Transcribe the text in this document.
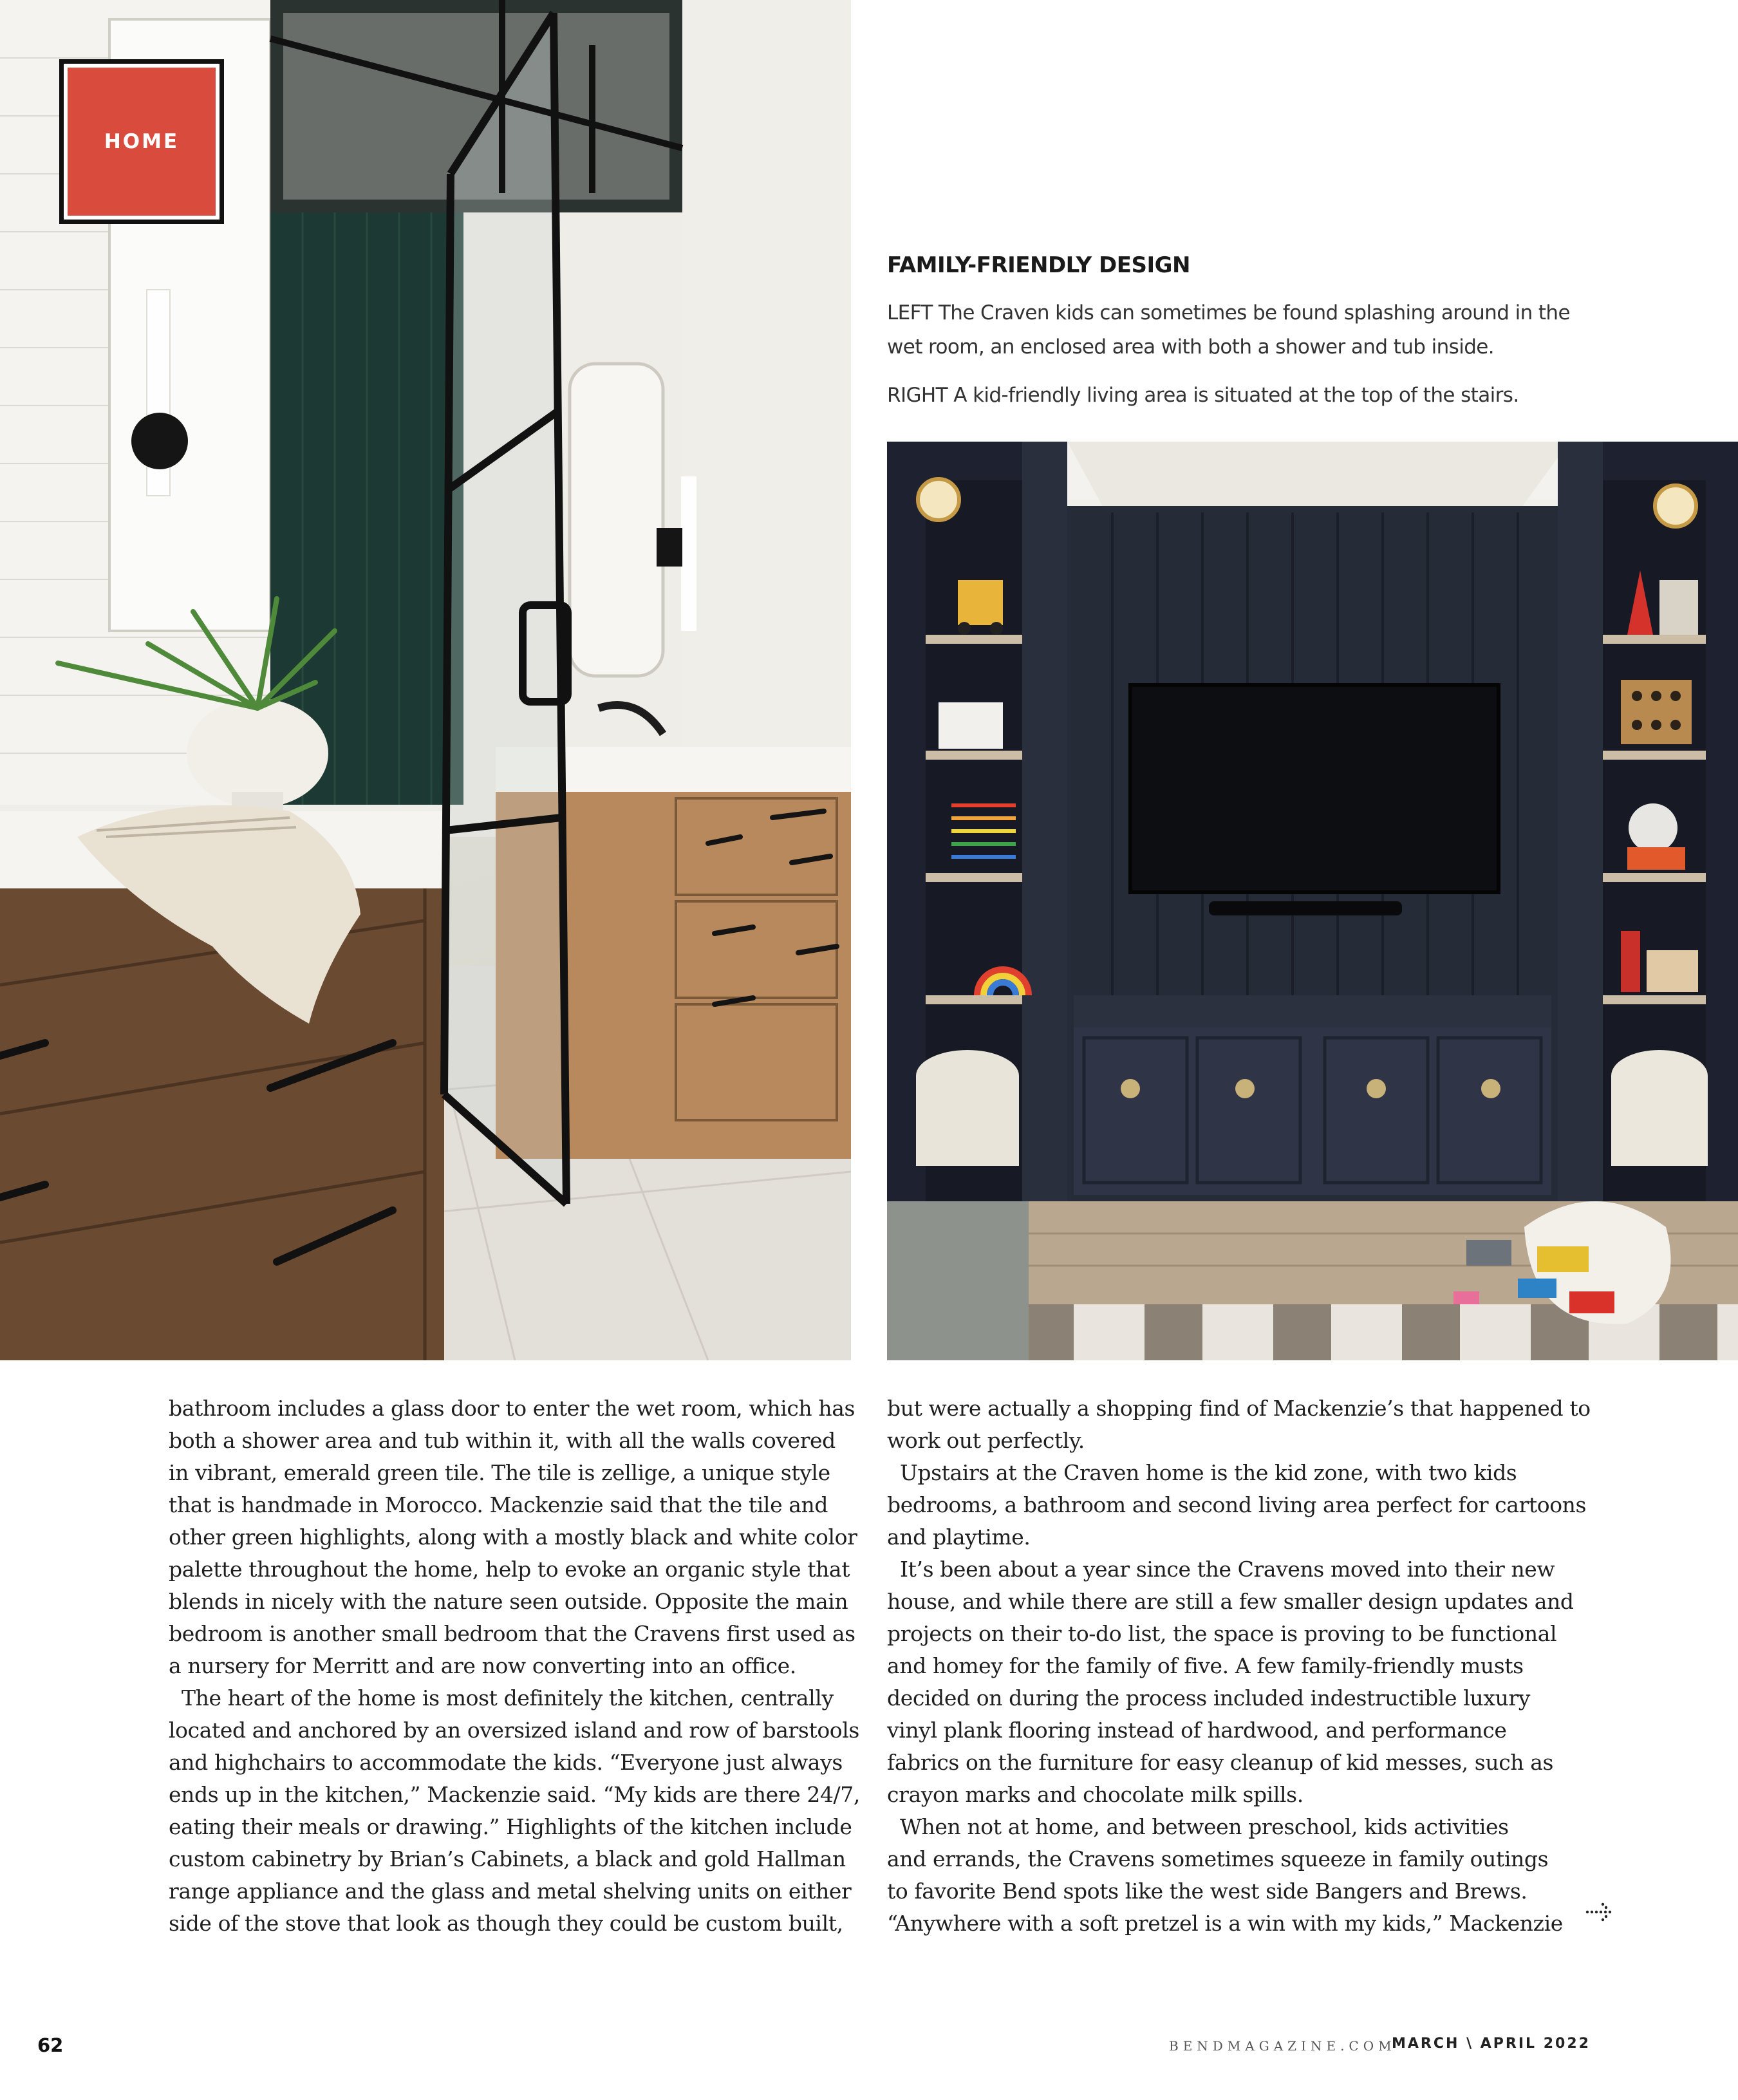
HOME
FAMILY-FRIENDLY DESIGN
LEFT The Craven kids can sometimes be found splashing around in the
wet room, an enclosed area with both a shower and tub inside.
RIGHT A kid-friendly living area is situated at the top of the stairs.
bathroom includes a glass door to enter the wet room, which has
both a shower area and tub within it, with all the walls covered
in vibrant, emerald green tile. The tile is zellige, a unique style
that is handmade in Morocco. Mackenzie said that the tile and
other green highlights, along with a mostly black and white color
palette throughout the home, help to evoke an organic style that
blends in nicely with the nature seen outside. Opposite the main
bedroom is another small bedroom that the Cravens first used as
a nursery for Merritt and are now converting into an office.
The heart of the home is most definitely the kitchen, centrally
located and anchored by an oversized island and row of barstools
and highchairs to accommodate the kids. “Everyone just always
ends up in the kitchen,” Mackenzie said. “My kids are there 24/7,
eating their meals or drawing.” Highlights of the kitchen include
custom cabinetry by Brian’s Cabinets, a black and gold Hallman
range appliance and the glass and metal shelving units on either
side of the stove that look as though they could be custom built,
but were actually a shopping find of Mackenzie’s that happened to
work out perfectly.
Upstairs at the Craven home is the kid zone, with two kids
bedrooms, a bathroom and second living area perfect for cartoons
and playtime.
It’s been about a year since the Cravens moved into their new
house, and while there are still a few smaller design updates and
projects on their to-do list, the space is proving to be functional
and homey for the family of five. A few family-friendly musts
decided on during the process included indestructible luxury
vinyl plank flooring instead of hardwood, and performance
fabrics on the furniture for easy cleanup of kid messes, such as
crayon marks and chocolate milk spills.
When not at home, and between preschool, kids activities
and errands, the Cravens sometimes squeeze in family outings
to favorite Bend spots like the west side Bangers and Brews.
“Anywhere with a soft pretzel is a win with my kids,” Mackenzie
62	BENDMAGAZINE.COM
MARCH \ APRIL 2022
